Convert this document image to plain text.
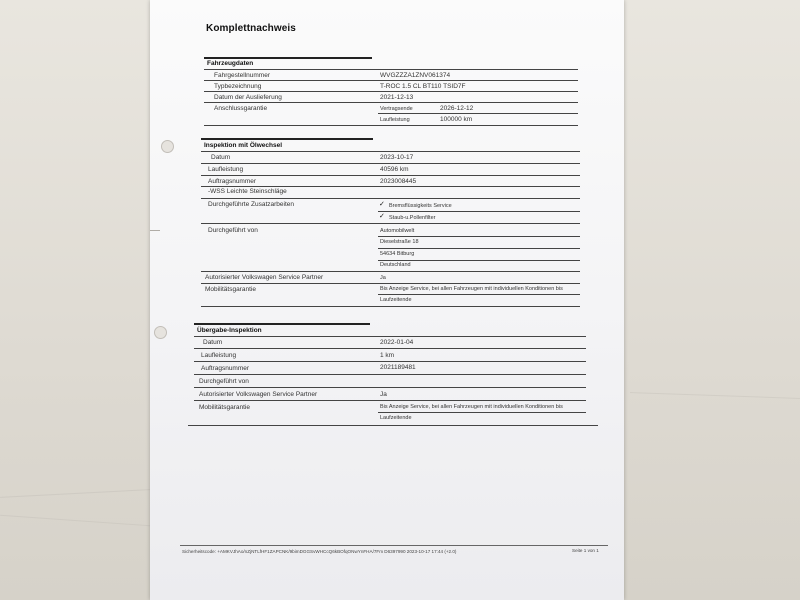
Komplettnachweis
Fahrzeugdaten
Fahrgestellnummer	WVGZZZA1ZNV061374
Typbezeichnung	T-ROC 1.5 CL BT110 TSID7F
Datum der Auslieferung	2021-12-13
Anschlussgarantie	Vertragsende	2026-12-12
Laufleistung	100000 km
Inspektion mit Ölwechsel
Datum	2023-10-17
Laufleistung	40596 km
Auftragsnummer	2023008445
-WSS Leichte Steinschläge
Durchgeführte Zusatzarbeiten	✓ Bremsflüssigkeits Service
✓ Staub-u.Pollenfilter
Durchgeführt von	Automobilwelt
Dieselstraße 18
54634 Bitburg
Deutschland
Autorisierter Volkswagen Service Partner	Ja
Mobilitätsgarantie	Bis Anzeige Service, bei allen Fahrzeugen mit individuellen Konditionen bis
Laufzeitende
Übergabe-Inspektion
Datum	2022-01-04
Laufleistung	1 km
Auftragsnummer	2021189481
Durchgeführt von
Autorisierter Volkswagen Service Partner	Ja
Mobilitätsgarantie	Bis Anzeige Service, bei allen Fahrzeugen mit individuellen Konditionen bis
Laufzeitende
Sicherheitscode: +AMKVJhAo/nZjNTLfHF1ZAPCNK/9bimDGGSvWHCcQ6kBOfqONwYnFHA/7Fm D6397990 2023-10-17 17:44 (+2.0)	Seite 1 von 1
